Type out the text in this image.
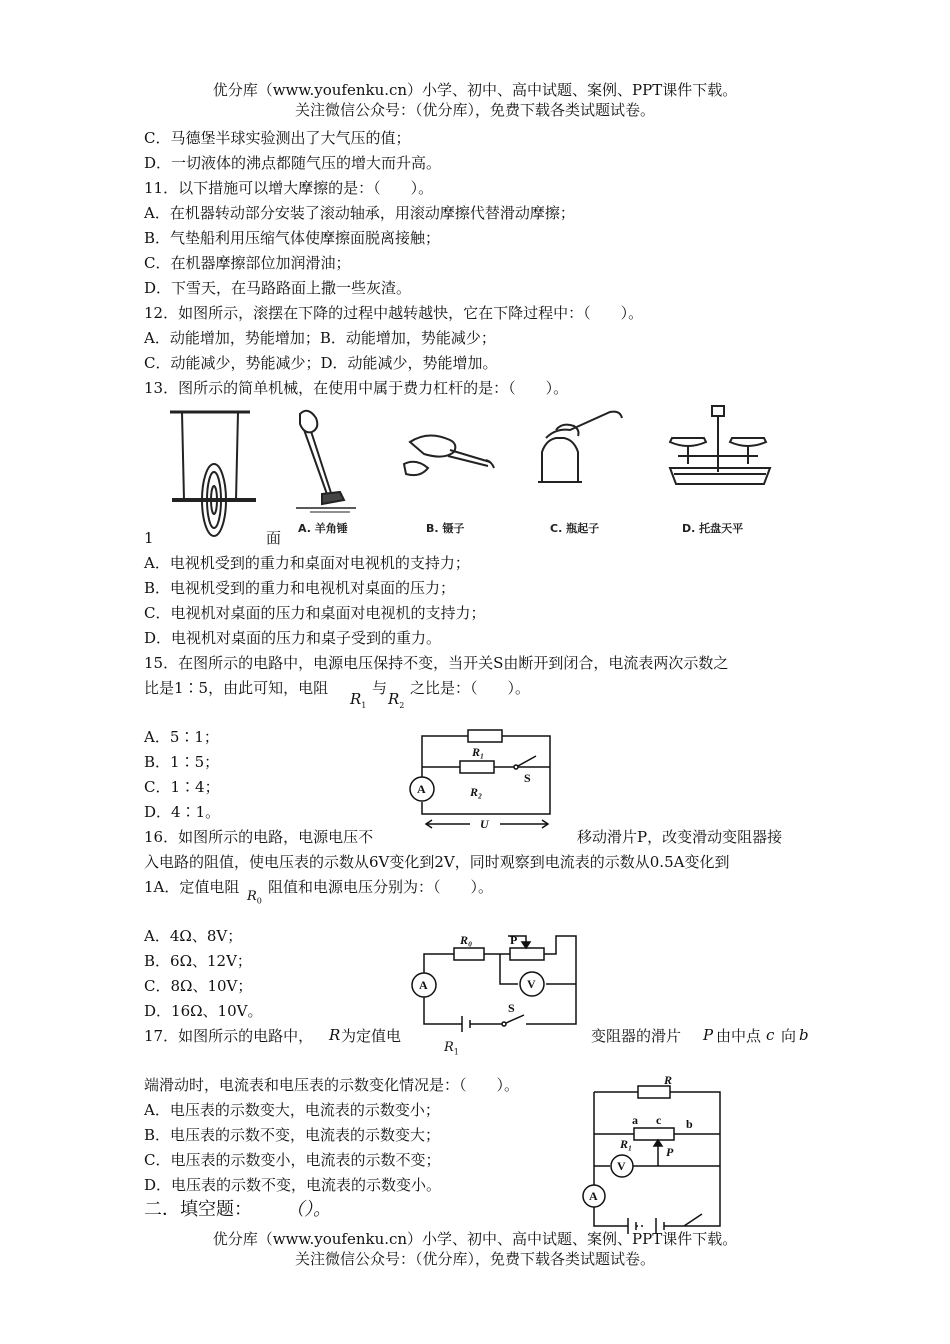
优分库（www.youfenku.cn）小学、初中、高中试题、案例、PPT课件下载。
关注微信公众号：（优分库），免费下载各类试题试卷。
C．马德堡半球实验测出了大气压的值；
D．一切液体的沸点都随气压的增大而升高。
11．以下措施可以增大摩擦的是：（　　）。
A．在机器转动部分安装了滚动轴承，用滚动摩擦代替滑动摩擦；
B．气垫船利用压缩气体使摩擦面脱离接触；
C．在机器摩擦部位加润滑油；
D．下雪天，在马路路面上撒一些灰渣。
12．如图所示，滚摆在下降的过程中越转越快，它在下降过程中：（　　）。
A．动能增加，势能增加；B．动能增加，势能减少；
C．动能减少，势能减少；D．动能减少，势能增加。
13．图所示的简单机械，在使用中属于费力杠杆的是：（　　）。
A. 羊角锤	B. 镊子	C. 瓶起子	D. 托盘天平
1	面
A．电视机受到的重力和桌面对电视机的支持力；
B．电视机受到的重力和电视机对桌面的压力；
C．电视机对桌面的压力和桌面对电视机的支持力；
D．电视机对桌面的压力和桌子受到的重力。
15．在图所示的电路中，电源电压保持不变，当开关S由断开到闭合，电流表两次示数之
比是1∶5，由此可知，电阻
$R_1$
与
$R_2$
之比是：（　　）。
A．5∶1；
B．1∶5；
C．1∶4；
D．4∶1。
R₁
R₂
S
A
U
16．如图所示的电路，电源电压不	移动滑片P，改变滑动变阻器接
入电路的阻值，使电压表的示数从6V变化到2V，同时观察到电流表的示数从0.5A变化到
1A．定值电阻
$R_0$
阻值和电源电压分别为：（　　）。
A．4Ω、8V；
B．6Ω、12V；
C．8Ω、10V；
D．16Ω、10V。
R₀	P
V
A
S
17．如图所示的电路中， R 为定值电
$R_1$
变阻器的滑片 P 由中点 c 向 b
端滑动时，电流表和电压表的示数变化情况是：（　　）。
A．电压表的示数变大，电流表的示数变小；
B．电压表的示数不变，电流表的示数变大；
C．电压表的示数变小，电流表的示数不变；
D．电压表的示数不变，电流表的示数变小。
R
a c b
R₁
P
V
A
二．填空题： （）。
优分库（www.youfenku.cn）小学、初中、高中试题、案例、PPT课件下载。
关注微信公众号：（优分库），免费下载各类试题试卷。
